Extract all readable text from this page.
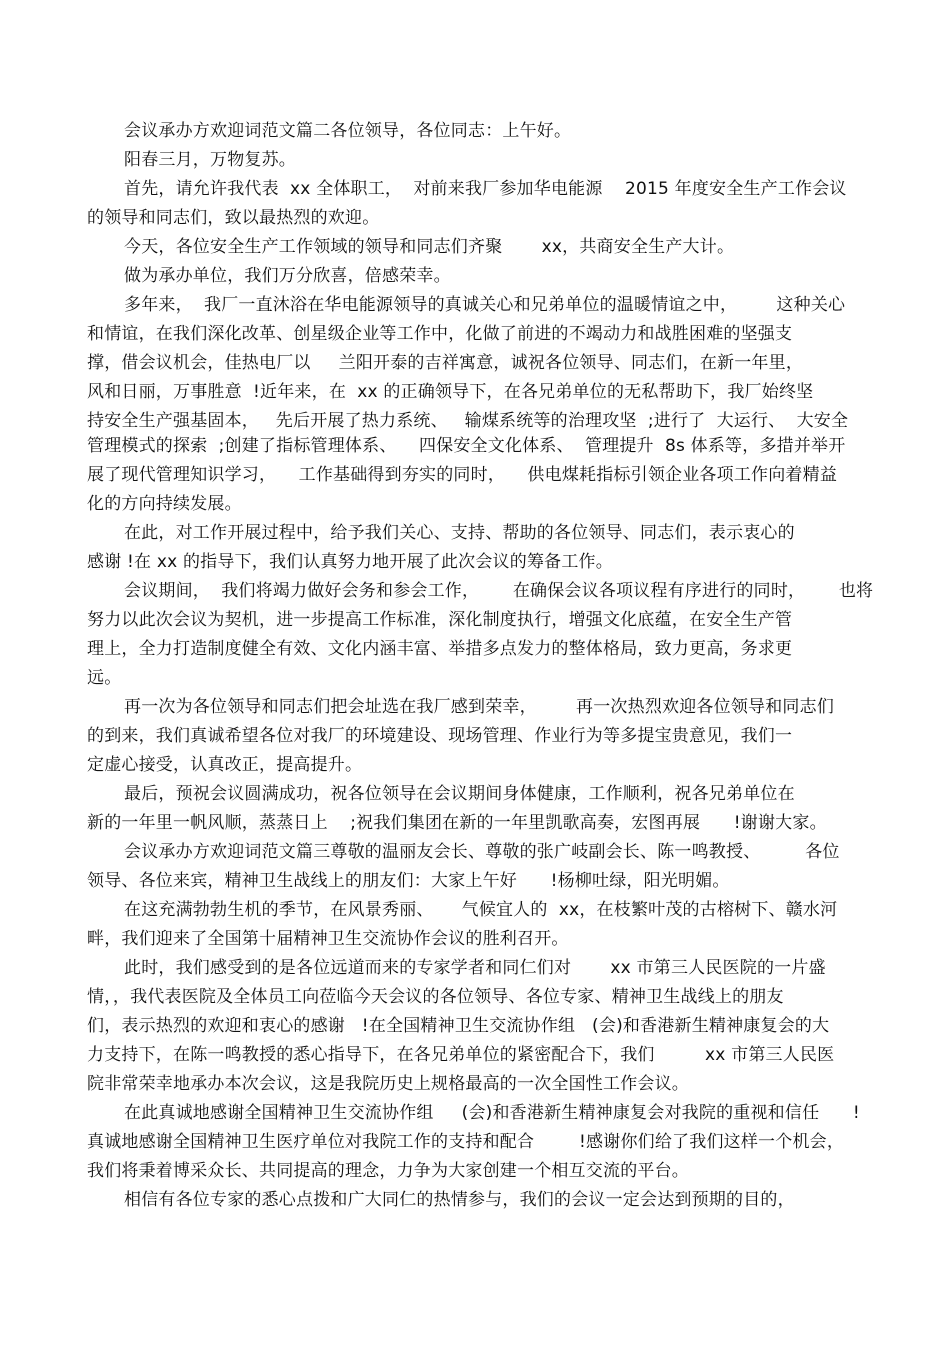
会议承办方欢迎词范文篇二各位领导，各位同志：上午好。
阳春三月，万物复苏。
首先，请允许我代表  xx 全体职工，  对前来我厂参加华电能源    2015 年度安全生产工作会议
的领导和同志们，致以最热烈的欢迎。
今天，各位安全生产工作领域的领导和同志们齐聚       xx，共商安全生产大计。
做为承办单位，我们万分欣喜，倍感荣幸。
多年来，  我厂一直沐浴在华电能源领导的真诚关心和兄弟单位的温暖情谊之中，       这种关心
和情谊，在我们深化改革、创星级企业等工作中，化做了前进的不竭动力和战胜困难的坚强支
撑，借会议机会，佳热电厂以     兰阳开泰的吉祥寓意，诚祝各位领导、同志们，在新一年里，
风和日丽，万事胜意  !近年来，在  xx 的正确领导下，在各兄弟单位的无私帮助下，我厂始终坚
持安全生产强基固本，   先后开展了热力系统、   输煤系统等的治理攻坚  ;进行了  大运行、  大安全
管理模式的探索  ;创建了指标管理体系、    四保安全文化体系、  管理提升  8s 体系等，多措并举开
展了现代管理知识学习，    工作基础得到夯实的同时，    供电煤耗指标引领企业各项工作向着精益
化的方向持续发展。
在此，对工作开展过程中，给予我们关心、支持、帮助的各位领导、同志们，表示衷心的
感谢 !在 xx 的指导下，我们认真努力地开展了此次会议的筹备工作。
会议期间，  我们将竭力做好会务和参会工作，      在确保会议各项议程有序进行的同时，      也将
努力以此次会议为契机，进一步提高工作标准，深化制度执行，增强文化底蕴，在安全生产管
理上，全力打造制度健全有效、文化内涵丰富、举措多点发力的整体格局，致力更高，务求更
远。
再一次为各位领导和同志们把会址选在我厂感到荣幸，       再一次热烈欢迎各位领导和同志们
的到来，我们真诚希望各位对我厂的环境建设、现场管理、作业行为等多提宝贵意见，我们一
定虚心接受，认真改正，提高提升。
最后，预祝会议圆满成功，祝各位领导在会议期间身体健康，工作顺利，祝各兄弟单位在
新的一年里一帆风顺，蒸蒸日上    ;祝我们集团在新的一年里凯歌高奏，宏图再展      !谢谢大家。
会议承办方欢迎词范文篇三尊敬的温丽友会长、尊敬的张广岐副会长、陈一鸣教授、        各位
领导、各位来宾，精神卫生战线上的朋友们：大家上午好      !杨柳吐绿，阳光明媚。
在这充满勃勃生机的季节，在风景秀丽、     气候宜人的  xx，在枝繁叶茂的古榕树下、赣水河
畔，我们迎来了全国第十届精神卫生交流协作会议的胜利召开。
此时，我们感受到的是各位远道而来的专家学者和同仁们对       xx 市第三人民医院的一片盛
情，，我代表医院及全体员工向莅临今天会议的各位领导、各位专家、精神卫生战线上的朋友
们，表示热烈的欢迎和衷心的感谢   !在全国精神卫生交流协作组   (会)和香港新生精神康复会的大
力支持下，在陈一鸣教授的悉心指导下，在各兄弟单位的紧密配合下，我们         xx 市第三人民医
院非常荣幸地承办本次会议，这是我院历史上规格最高的一次全国性工作会议。
在此真诚地感谢全国精神卫生交流协作组     (会)和香港新生精神康复会对我院的重视和信任      !
真诚地感谢全国精神卫生医疗单位对我院工作的支持和配合        !感谢你们给了我们这样一个机会，
我们将秉着博采众长、共同提高的理念，力争为大家创建一个相互交流的平台。
相信有各位专家的悉心点拨和广大同仁的热情参与，我们的会议一定会达到预期的目的，
